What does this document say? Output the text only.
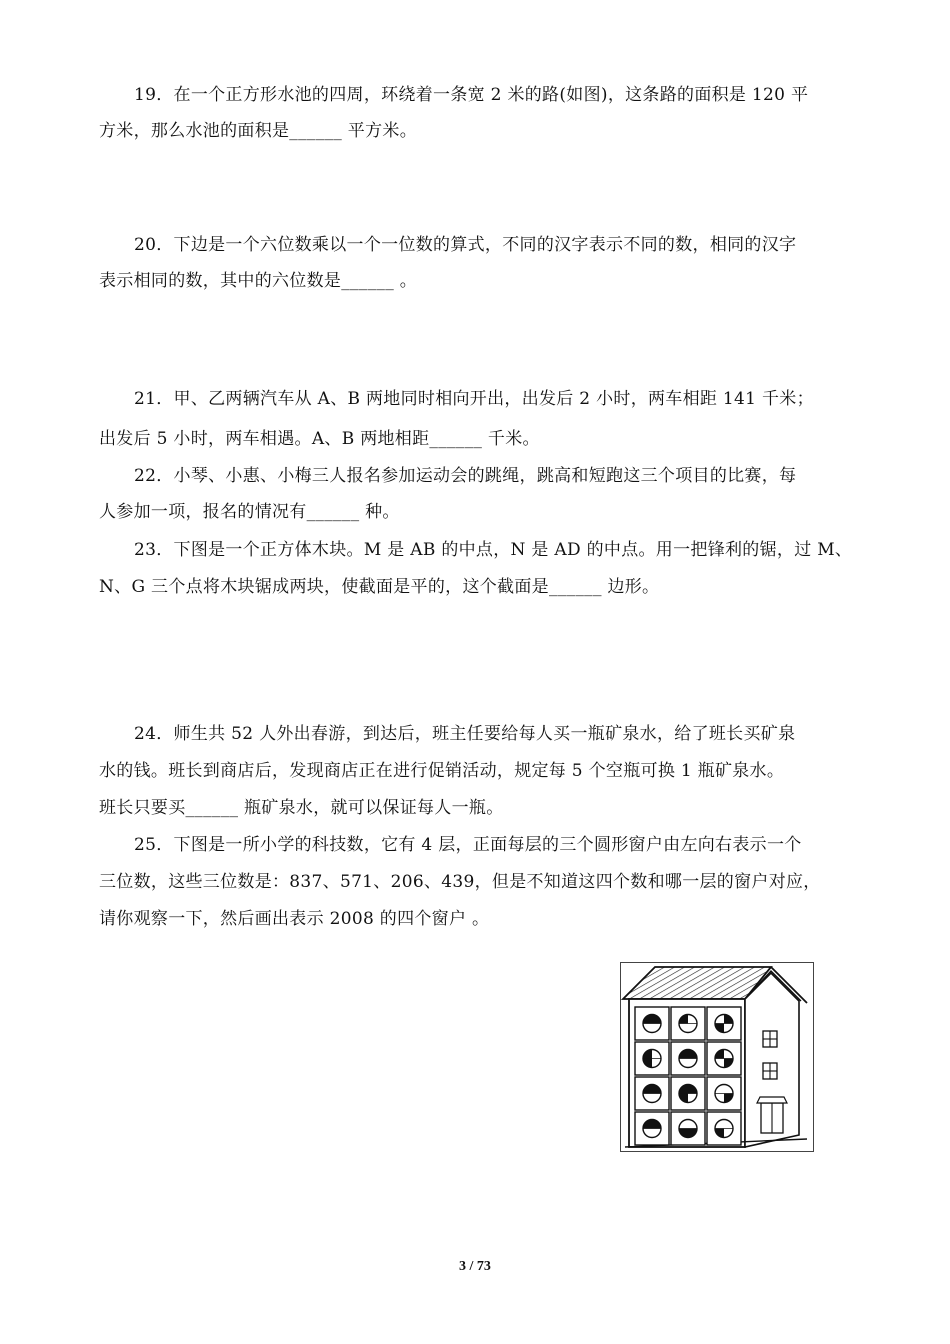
19．在一个正方形水池的四周，环绕着一条宽 2 米的路(如图)，这条路的面积是 120 平
方米，那么水池的面积是______ 平方米。
20．下边是一个六位数乘以一个一位数的算式，不同的汉字表示不同的数，相同的汉字
表示相同的数，其中的六位数是______ 。
21．甲、乙两辆汽车从 A、B 两地同时相向开出，出发后 2 小时，两车相距 141 千米；
出发后 5 小时，两车相遇。A、B 两地相距______ 千米。
22．小琴、小惠、小梅三人报名参加运动会的跳绳，跳高和短跑这三个项目的比赛，每
人参加一项，报名的情况有______ 种。
23．下图是一个正方体木块。M 是 AB 的中点，N 是 AD 的中点。用一把锋利的锯，过 M、
N、G 三个点将木块锯成两块，使截面是平的，这个截面是______ 边形。
24．师生共 52 人外出春游，到达后，班主任要给每人买一瓶矿泉水，给了班长买矿泉
水的钱。班长到商店后，发现商店正在进行促销活动，规定每 5 个空瓶可换 1 瓶矿泉水。
班长只要买______ 瓶矿泉水，就可以保证每人一瓶。
25．下图是一所小学的科技数，它有 4 层，正面每层的三个圆形窗户由左向右表示一个
三位数，这些三位数是：837、571、206、439，但是不知道这四个数和哪一层的窗户对应，
请你观察一下，然后画出表示 2008 的四个窗户 。
3 / 73
